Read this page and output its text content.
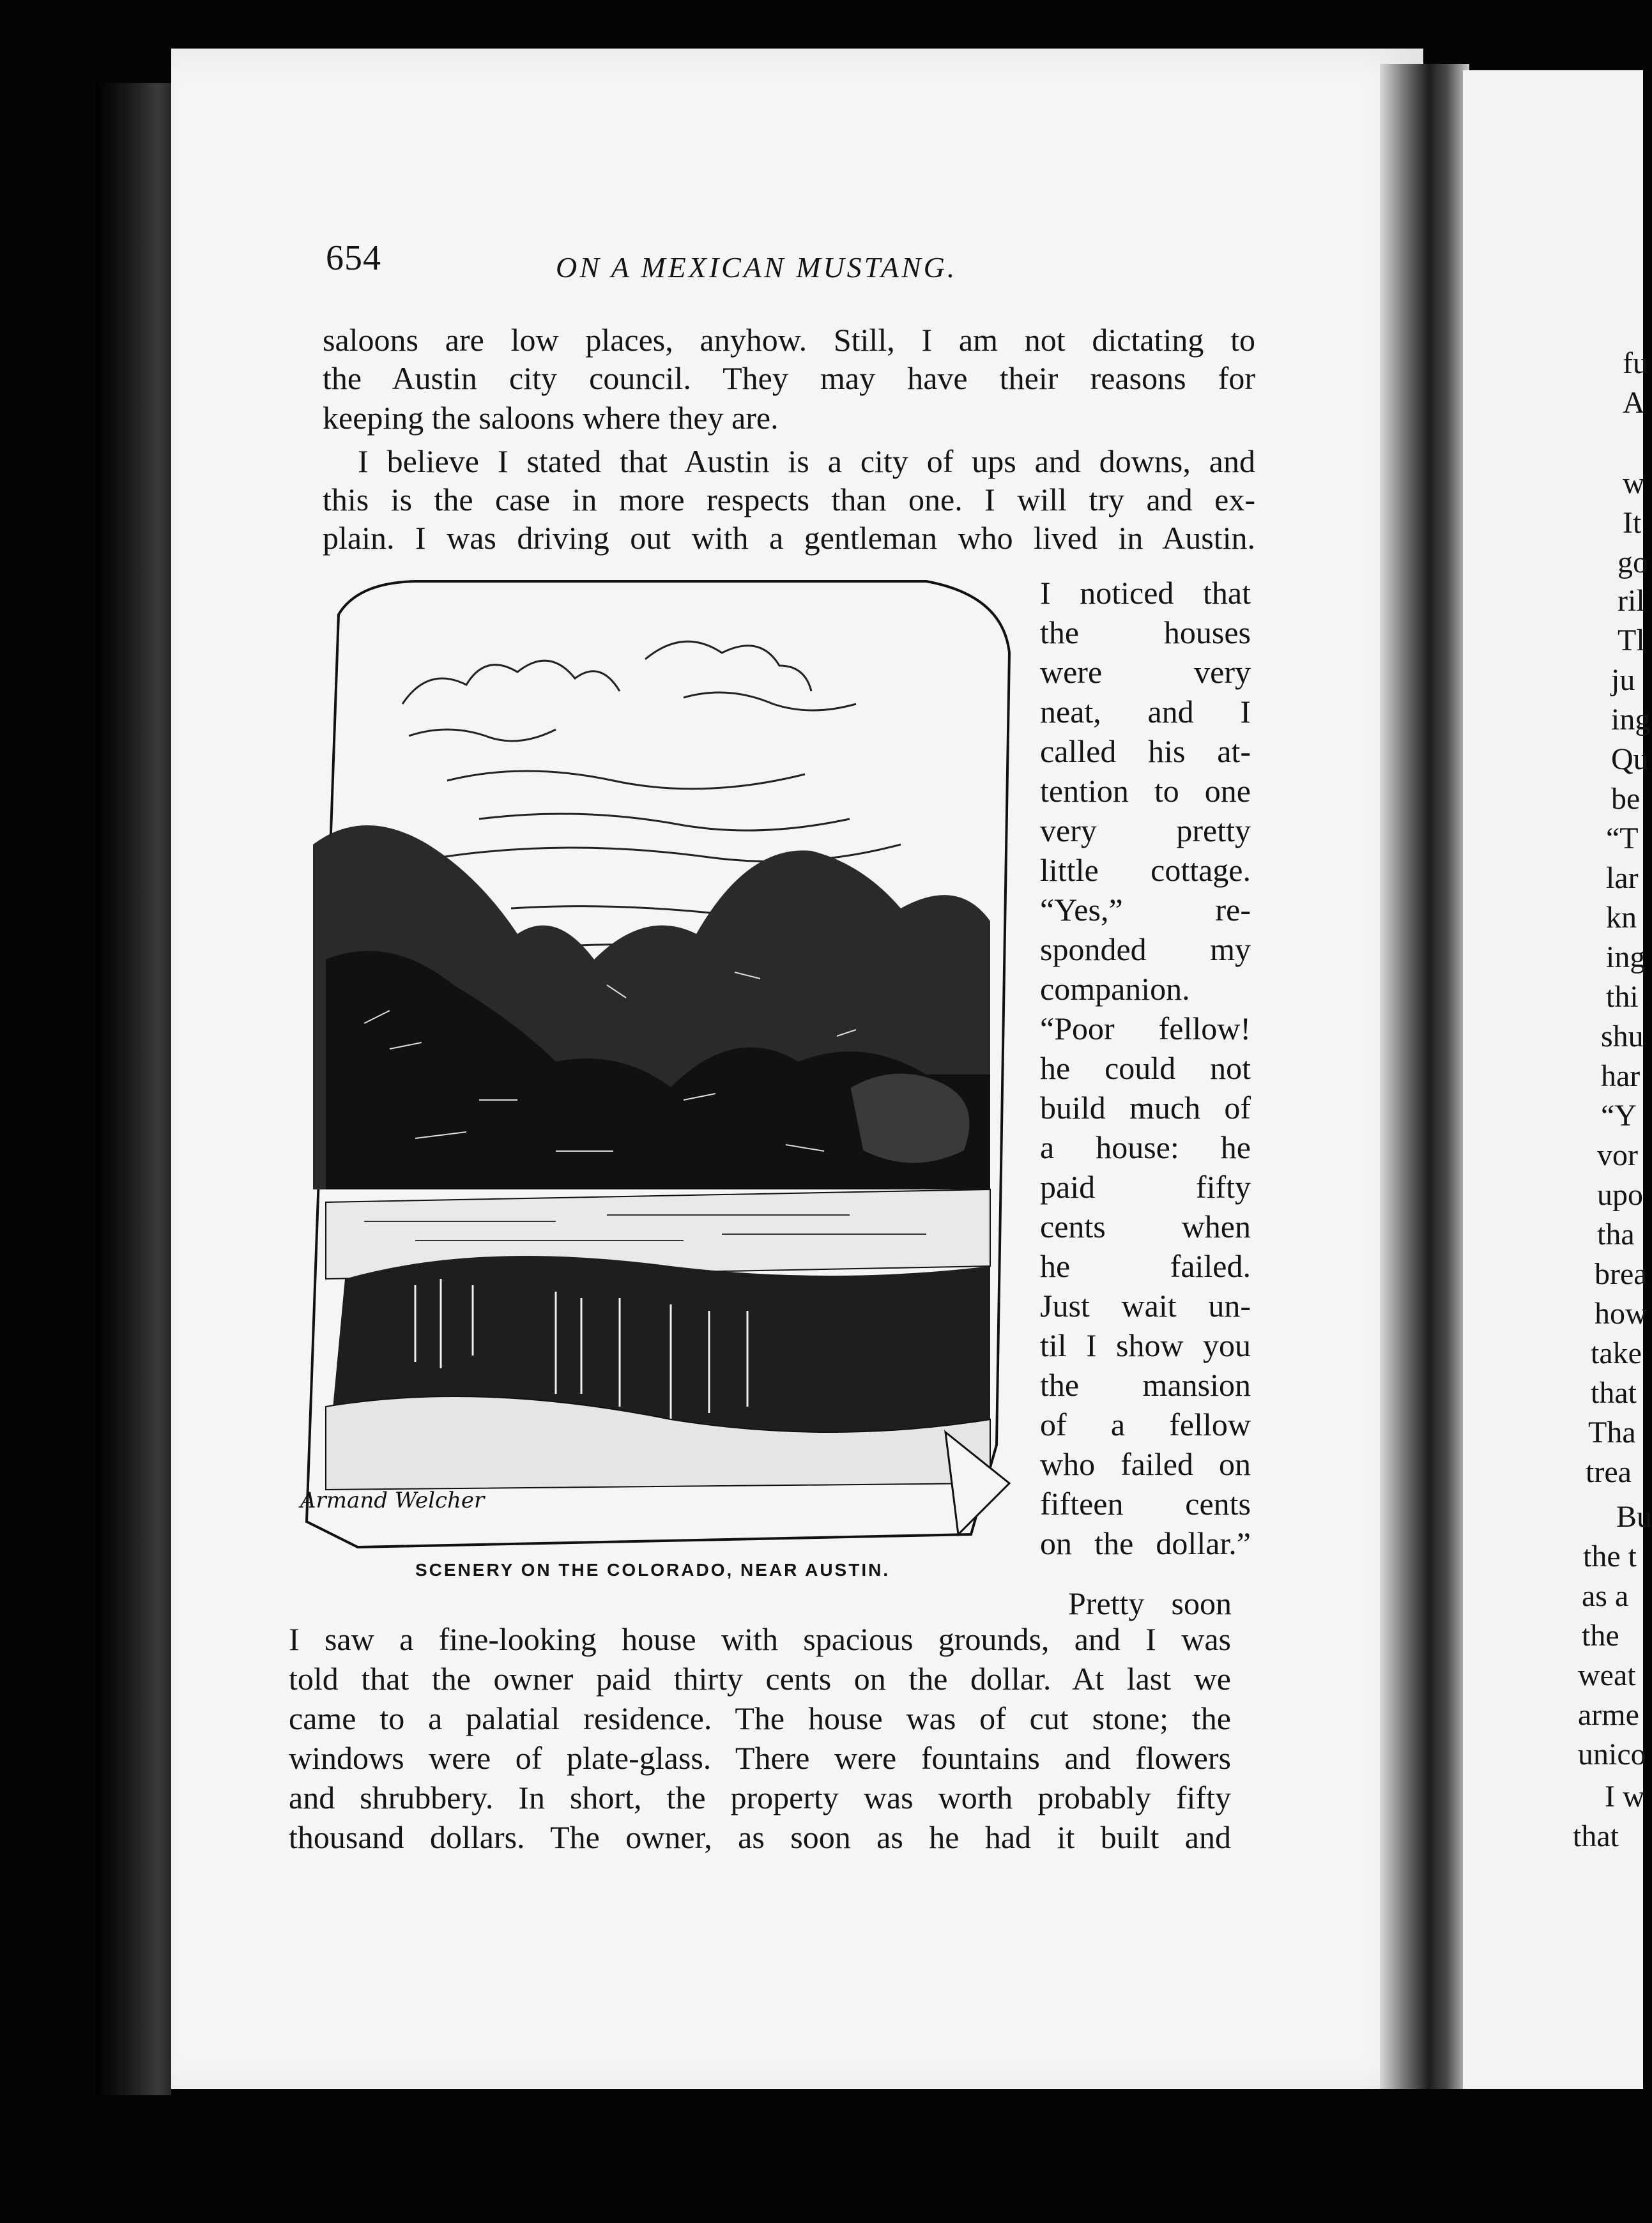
654	ON A MEXICAN MUSTANG.
saloons are low places, anyhow. Still, I am not dictating to
the Austin city council. They may have their reasons for
keeping the saloons where they are.
I believe I stated that Austin is a city of ups and downs, and
this is the case in more respects than one. I will try and ex-
plain. I was driving out with a gentleman who lived in Austin.
Armand Welcher
SCENERY ON THE COLORADO, NEAR AUSTIN.
I noticed that
the houses
were very
neat, and I
called his at-
tention to one
very pretty
little cottage.
“Yes,” re-
sponded my
companion.
“Poor fellow!
he could not
build much of
a house: he
paid fifty
cents when
he failed.
Just wait un-
til I show you
the mansion
of a fellow
who failed on
fifteen cents
on the dollar.”
Pretty soon
I saw a fine-looking house with spacious grounds, and I was
told that the owner paid thirty cents on the dollar. At last we
came to a palatial residence. The house was of cut stone; the
windows were of plate-glass. There were fountains and flowers
and shrubbery. In short, the property was worth probably fifty
thousand dollars. The owner, as soon as he had it built and
fu
A
w
It
go
ril
Tl
ju
ing
Qu
be
“T
lar
kn
ing
thi
shu
har
“Y
vor
upo
tha
brea
how
take
that
Tha
trea
Bu
the t
as a
the
weat
arme
unico
I w
that
